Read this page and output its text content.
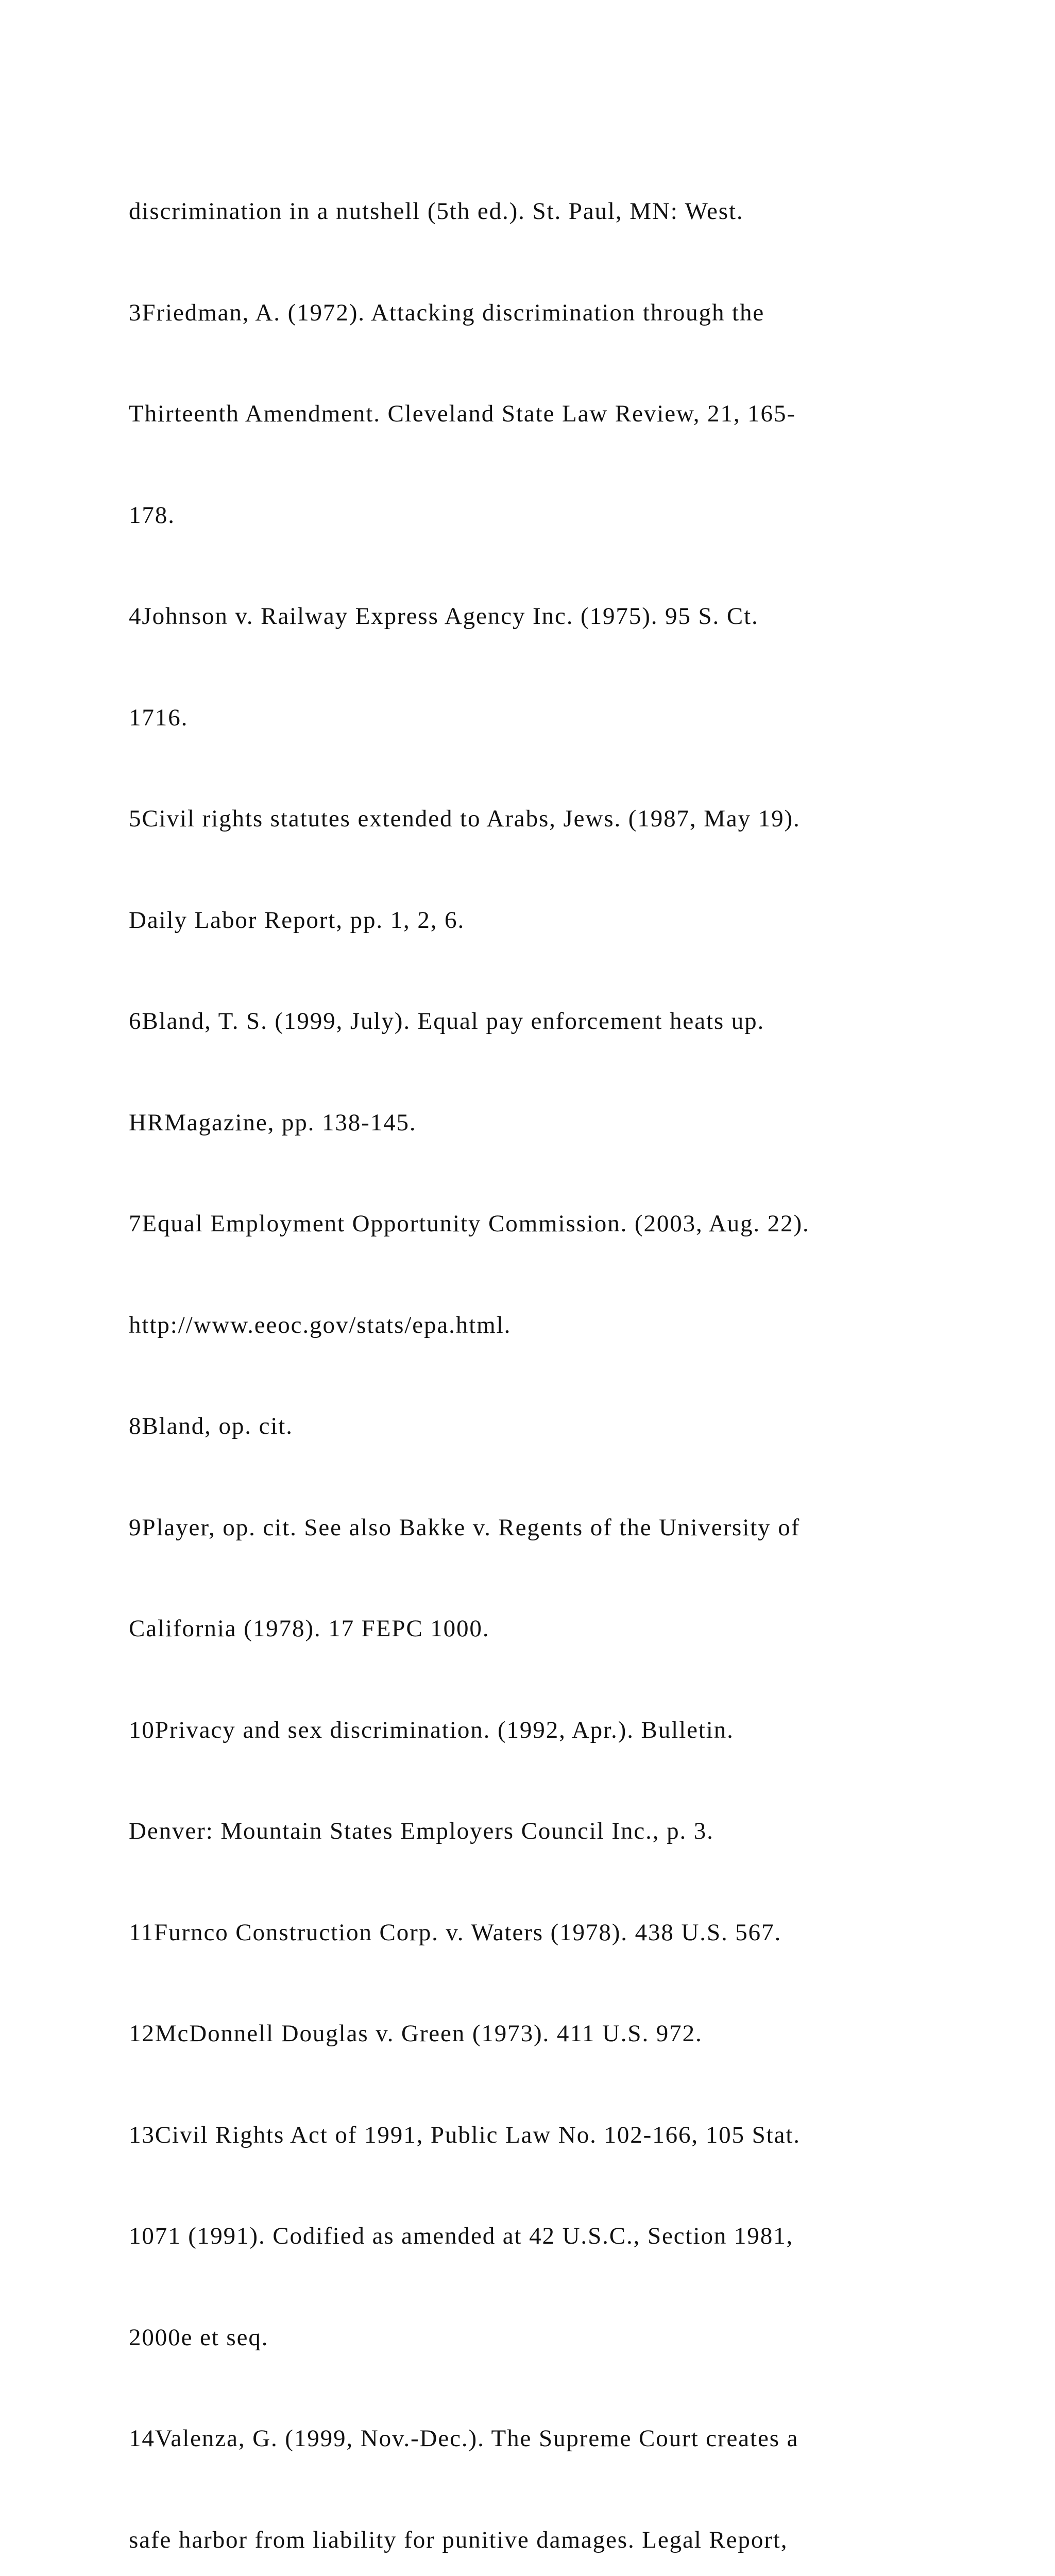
discrimination in a nutshell (5th ed.). St. Paul, MN: West.

3Friedman, A. (1972). Attacking discrimination through the

Thirteenth Amendment. Cleveland State Law Review, 21, 165-

178.

4Johnson v. Railway Express Agency Inc. (1975). 95 S. Ct.

1716.

5Civil rights statutes extended to Arabs, Jews. (1987, May 19).

Daily Labor Report, pp. 1, 2, 6.

6Bland, T. S. (1999, July). Equal pay enforcement heats up.

HRMagazine, pp. 138-145.

7Equal Employment Opportunity Commission. (2003, Aug. 22).

http://www.eeoc.gov/stats/epa.html.

8Bland, op. cit.

9Player, op. cit. See also Bakke v. Regents of the University of

California (1978). 17 FEPC 1000.

10Privacy and sex discrimination. (1992, Apr.). Bulletin.

Denver: Mountain States Employers Council Inc., p. 3.

11Furnco Construction Corp. v. Waters (1978). 438 U.S. 567.

12McDonnell Douglas v. Green (1973). 411 U.S. 972.

13Civil Rights Act of 1991, Public Law No. 102-166, 105 Stat.

1071 (1991). Codified as amended at 42 U.S.C., Section 1981,

2000e et seq.

14Valenza, G. (1999, Nov.-Dec.). The Supreme Court creates a

safe harbor from liability for punitive damages. Legal Report,
